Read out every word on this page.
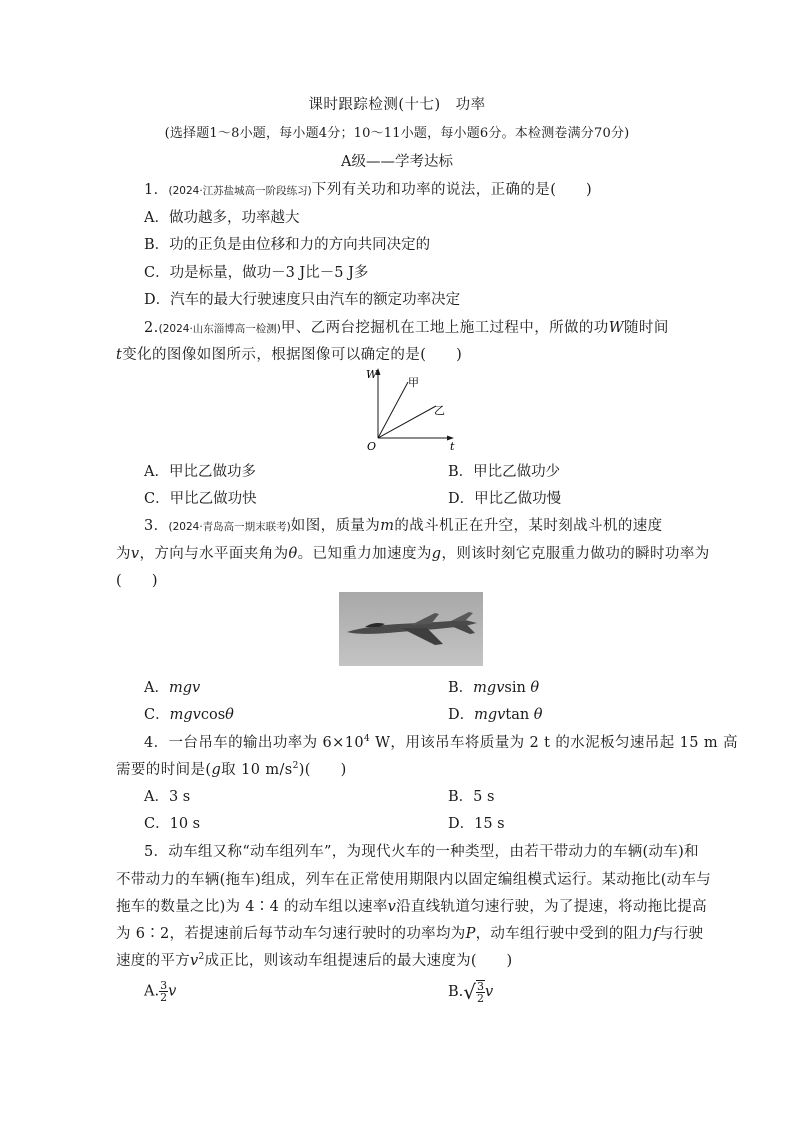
课时跟踪检测(十七)　功率
(选择题1～8小题，每小题4分；10～11小题，每小题6分。本检测卷满分70分)
A级——学考达标
1．(2024·江苏盐城高一阶段练习)下列有关功和功率的说法，正确的是(　　)
A．做功越多，功率越大
B．功的正负是由位移和力的方向共同决定的
C．功是标量，做功－3 J比－5 J多
D．汽车的最大行驶速度只由汽车的额定功率决定
2.(2024·山东淄博高一检测)甲、乙两台挖掘机在工地上施工过程中，所做的功W随时间
t变化的图像如图所示，根据图像可以确定的是(　　)
W
t
O
甲
乙
A．甲比乙做功多	B．甲比乙做功少
C．甲比乙做功快	D．甲比乙做功慢
3．(2024·青岛高一期末联考)如图，质量为m的战斗机正在升空，某时刻战斗机的速度
为v，方向与水平面夹角为θ。已知重力加速度为g，则该时刻它克服重力做功的瞬时功率为
(　　)
A．mgv	B．mgvsin θ
C．mgvcosθ	D．mgvtan θ
4．一台吊车的输出功率为 $6\times 10^4$ W，用该吊车将质量为 2 t 的水泥板匀速吊起 15 m 高
需要的时间是(g取 10 $m/s^2$)(　　)
A．3 s	B．5 s
C．10 s	D．15 s
5．动车组又称“动车组列车”，为现代火车的一种类型，由若干带动力的车辆(动车)和
不带动力的车辆(拖车)组成，列车在正常使用期限内以固定编组模式运行。某动拖比(动车与
拖车的数量之比)为 4∶4 的动车组以速率v沿直线轨道匀速行驶，为了提速，将动拖比提高
为 6∶2，若提速前后每节动车匀速行驶时的功率均为P，动车组行驶中受到的阻力f与行驶
速度的平方$v^2$成正比，则该动车组提速后的最大速度为(　　)
A. $\frac{3}{2}$ v	$B.√ \frac{3}{2}$ v
